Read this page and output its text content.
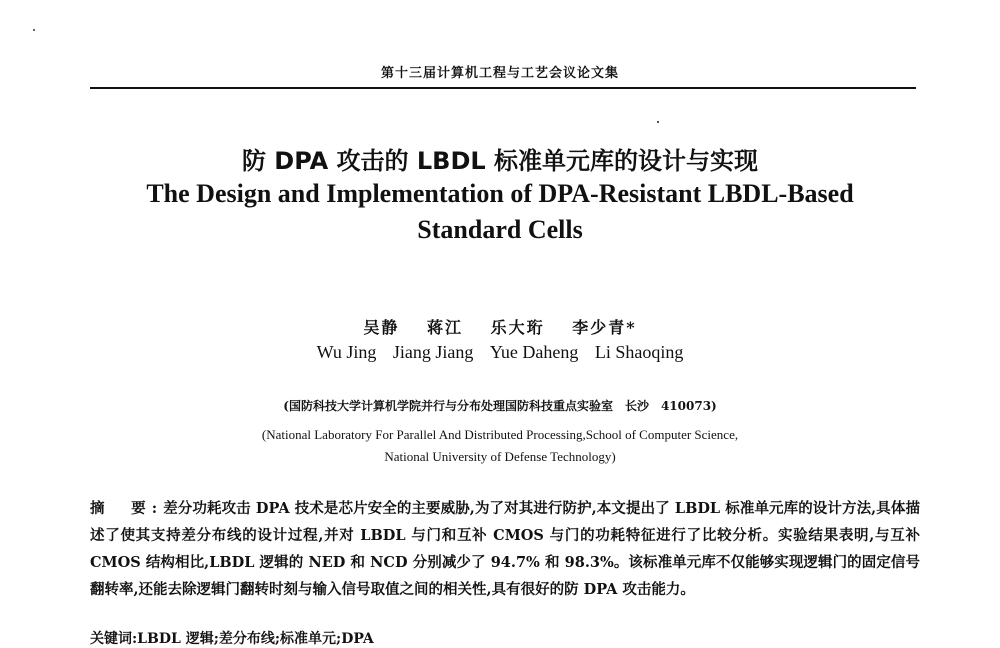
第十三届计算机工程与工艺会议论文集
防 DPA 攻击的 LBDL 标准单元库的设计与实现
The Design and Implementation of DPA-Resistant LBDL-Based
Standard Cells
吴静 蒋江 乐大珩 李少青*
Wu Jing Jiang Jiang Yue Daheng Li Shaoqing
(国防科技大学计算机学院并行与分布处理国防科技重点实验室　长沙　410073)
(National Laboratory For Parallel And Distributed Processing,School of Computer Science,
National University of Defense Technology)
摘　要:差分功耗攻击 DPA 技术是芯片安全的主要威胁,为了对其进行防护,本文提出了 LBDL 标准单元库的设计方法,具体描述了使其支持差分布线的设计过程,并对 LBDL 与门和互补 CMOS 与门的功耗特征进行了比较分析。实验结果表明,与互补 CMOS 结构相比,LBDL 逻辑的 NED 和 NCD 分别减少了 94.7% 和 98.3%。该标准单元库不仅能够实现逻辑门的固定信号翻转率,还能去除逻辑门翻转时刻与输入信号取值之间的相关性,具有很好的防 DPA 攻击能力。
关键词:LBDL 逻辑;差分布线;标准单元;DPA
